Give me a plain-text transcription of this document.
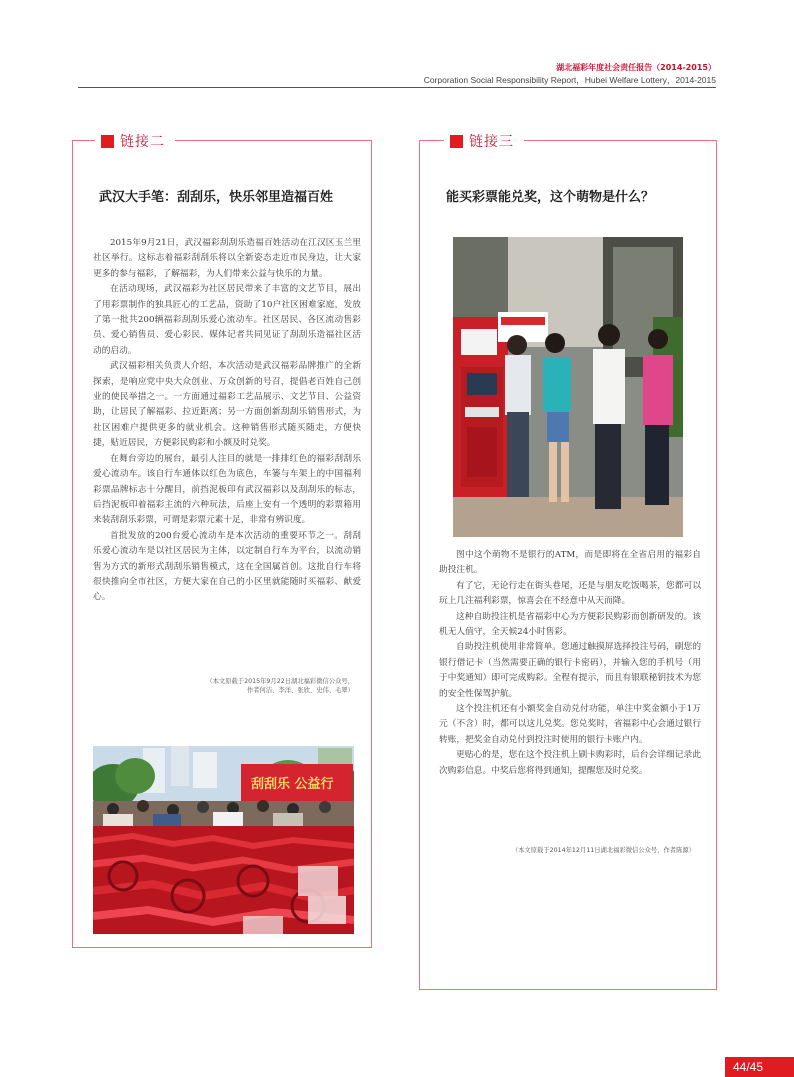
湖北福彩年度社会责任报告（2014-2015）
Corporation Social Responsibility Report，Hubei Welfare Lottery，2014-2015
链接二
武汉大手笔：刮刮乐，快乐邻里造福百姓

2015年9月21日，武汉福彩刮刮乐造福百姓活动在江汉区玉兰里社区举行。这标志着福彩刮刮乐将以全新姿态走近市民身边，让大家更多的参与福彩，了解福彩，为人们带来公益与快乐的力量。

在活动现场，武汉福彩为社区居民带来了丰富的文艺节目，展出了用彩票制作的独具匠心的工艺品，资助了10户社区困难家庭，发放了第一批共200辆福彩刮刮乐爱心流动车。社区居民、各区流动售彩员、爱心销售员、爱心彩民、媒体记者共同见证了刮刮乐造福社区活动的启动。

武汉福彩相关负责人介绍，本次活动是武汉福彩品牌推广的全新探索，是响应党中央大众创业、万众创新的号召，提倡老百姓自己创业的使民举措之一。一方面通过福彩工艺品展示、文艺节目、公益资助，让居民了解福彩、拉近距离；另一方面创新刮刮乐销售形式，为社区困难户提供更多的就业机会。这种销售形式随买随走，方便快捷，贴近居民，方便彩民购彩和小额及时兑奖。

在舞台旁边的展台，最引人注目的就是一排排红色的福彩刮刮乐爱心流动车。该自行车通体以红色为底色，车篓与车架上的中国福利彩票品牌标志十分醒目，前挡泥板印有武汉福彩以及刮刮乐的标志，后挡泥板印着福彩主流的六种玩法，后座上安有一个透明的彩票箱用来装刮刮乐彩票，可谓是彩票元素十足，非常有辨识度。

首批发放的200台爱心流动车是本次活动的重要环节之一。刮刮乐爱心流动车是以社区居民为主体，以定制自行车为平台，以流动销售为方式的新形式刮刮乐销售模式，这在全国属首创。这批自行车将很快推向全市社区，方便大家在自己的小区里就能随时买福彩、献爱心。

（本文原载于2015年9月22日湖北福彩微信公众号，
作者何洁、李洋、张欣、史伟、毛翠）
刮刮乐 公益行
链接三
能买彩票能兑奖，这个萌物是什么？

图中这个萌物不是银行的ATM，而是即将在全省启用的福彩自助投注机。

有了它，无论行走在街头巷尾，还是与朋友吃饭喝茶，您都可以玩上几注福利彩票，惊喜会在不经意中从天而降。

这种自助投注机是省福彩中心为方便彩民购彩而创新研发的。该机无人值守，全天候24小时售彩。

自助投注机使用非常简单。您通过触摸屏选择投注号码，刷您的银行借记卡（当然需要正确的银行卡密码），并输入您的手机号（用于中奖通知）即可完成购彩。全程有提示，而且有银联秘钥技术为您的安全性保驾护航。

这个投注机还有小额奖金自动兑付功能，单注中奖金额小于1万元（不含）时，都可以这儿兑奖。您兑奖时，省福彩中心会通过银行转账，把奖金自动兑付到投注时使用的银行卡账户内。

更贴心的是，您在这个投注机上刷卡购彩时，后台会详细记录此次购彩信息。中奖后您将得到通知，提醒您及时兑奖。

（本文原载于2014年12月11日湖北福彩微信公众号，作者陈源）
44/45
